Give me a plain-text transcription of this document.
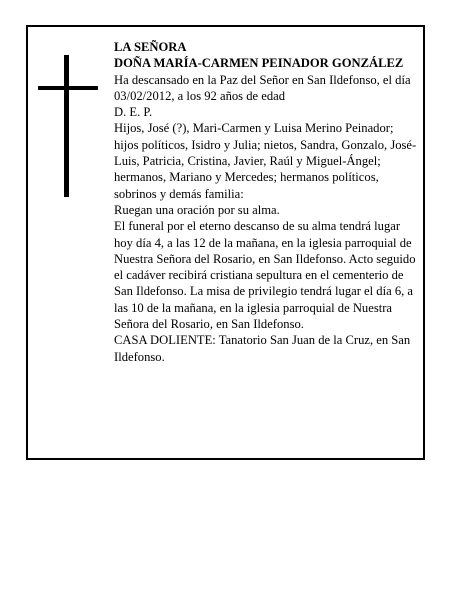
LA SEÑORA

DOÑA MARÍA-CARMEN PEINADOR GONZÁLEZ

Ha descansado en la Paz del Señor en San Ildefonso, el día 03/02/2012, a los 92 años de edad

D. E. P.

Hijos, José (?), Mari-Carmen y Luisa Merino Peinador; hijos políticos, Isidro y Julia; nietos, Sandra, Gonzalo, José-Luis, Patricia, Cristina, Javier, Raúl y Miguel-Ángel; hermanos, Mariano y Mercedes; hermanos políticos, sobrinos y demás familia:

Ruegan una oración por su alma.

El funeral por el eterno descanso de su alma tendrá lugar hoy día 4, a las 12 de la mañana, en la iglesia parroquial de Nuestra Señora del Rosario, en San Ildefonso. Acto seguido el cadáver recibirá cristiana sepultura en el cementerio de San Ildefonso. La misa de privilegio tendrá lugar el día 6, a las 10 de la mañana, en la iglesia parroquial de Nuestra Señora del Rosario, en San Ildefonso.

CASA DOLIENTE: Tanatorio San Juan de la Cruz, en San Ildefonso.
